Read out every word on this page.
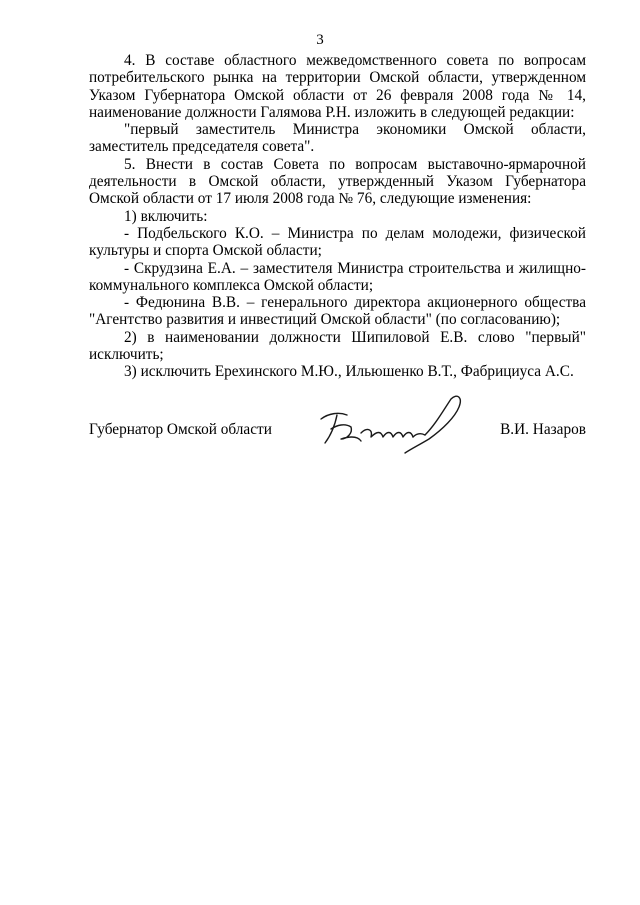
3

4. В составе областного межведомственного совета по вопросам потребительского рынка на территории Омской области, утвержденном Указом Губернатора Омской области от 26 февраля 2008 года № 14, наименование должности Галямова Р.Н. изложить в следующей редакции:

"первый заместитель Министра экономики Омской области, заместитель председателя совета".

5. Внести в состав Совета по вопросам выставочно-ярмарочной деятельности в Омской области, утвержденный Указом Губернатора Омской области от 17 июля 2008 года № 76, следующие изменения:

1) включить:

- Подбельского К.О. – Министра по делам молодежи, физической культуры и спорта Омской области;

- Скрудзина Е.А. – заместителя Министра строительства и жилищно-коммунального комплекса Омской области;

- Федюнина В.В. – генерального директора акционерного общества "Агентство развития и инвестиций Омской области" (по согласованию);

2) в наименовании должности Шипиловой Е.В. слово "первый" исключить;

3) исключить Ерехинского М.Ю., Ильюшенко В.Т., Фабрициуса А.С.

Губернатор Омской области	В.И. Назаров
